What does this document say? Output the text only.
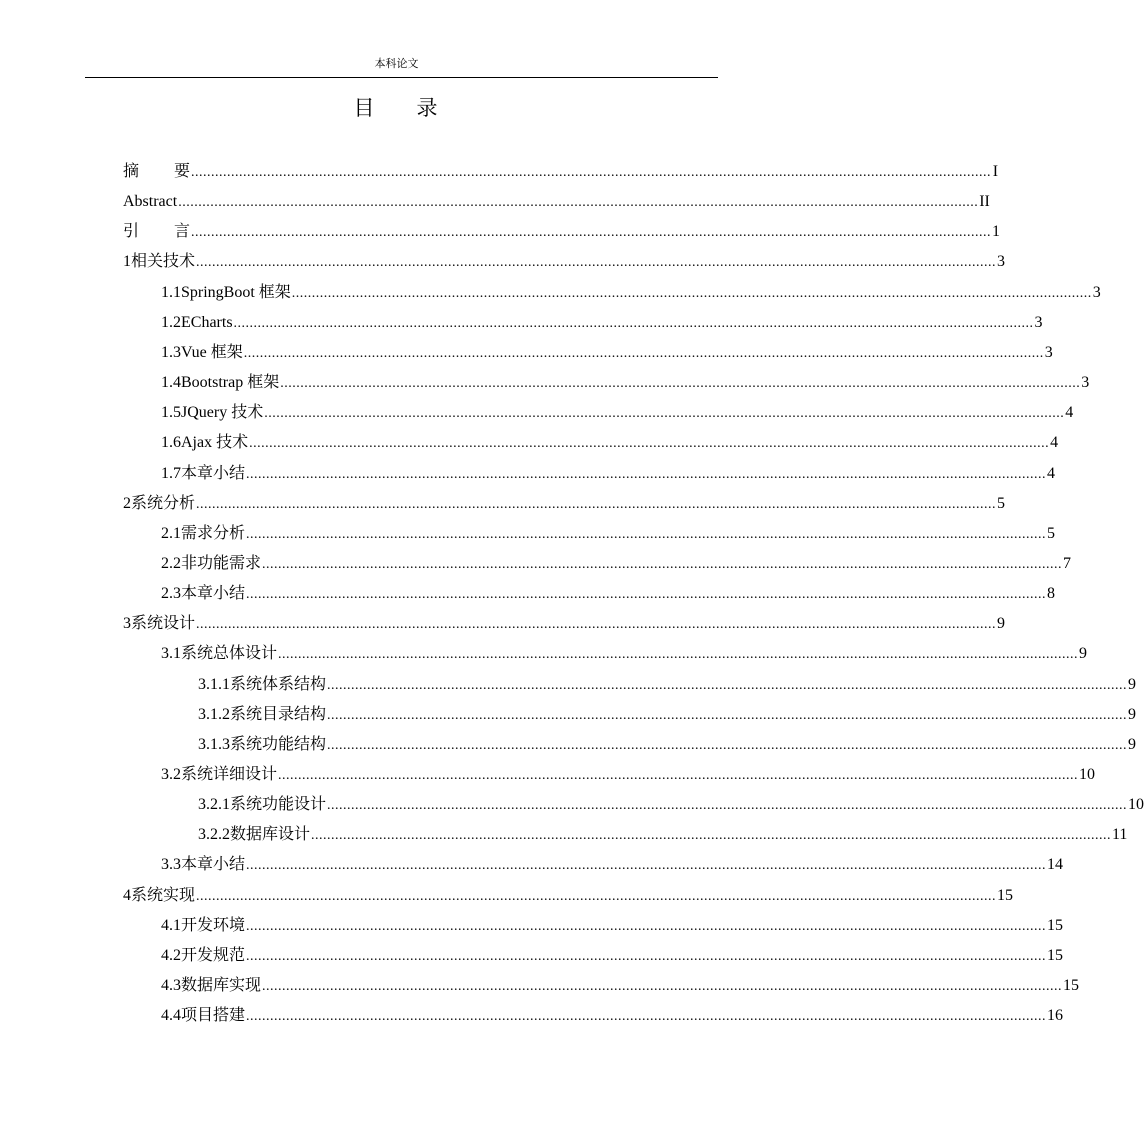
本科论文
目 录
摘 要 ........................................................................................................................................................................................................ I
Abstract ........................................................................................................................................................................................................ II
引 言 ........................................................................................................................................................................................................ 1
1 相关技术 ........................................................................................................................................................................................................ 3
1.1 SpringBoot 框架 ........................................................................................................................................................................................................ 3
1.2 ECharts ........................................................................................................................................................................................................ 3
1.3 Vue 框架 ........................................................................................................................................................................................................ 3
1.4 Bootstrap 框架 ........................................................................................................................................................................................................ 3
1.5 JQuery 技术 ........................................................................................................................................................................................................ 4
1.6 Ajax 技术 ........................................................................................................................................................................................................ 4
1.7 本章小结 ........................................................................................................................................................................................................ 4
2 系统分析 ........................................................................................................................................................................................................ 5
2.1 需求分析 ........................................................................................................................................................................................................ 5
2.2 非功能需求 ........................................................................................................................................................................................................ 7
2.3 本章小结 ........................................................................................................................................................................................................ 8
3 系统设计 ........................................................................................................................................................................................................ 9
3.1 系统总体设计 ........................................................................................................................................................................................................ 9
3.1.1 系统体系结构 ........................................................................................................................................................................................................ 9
3.1.2 系统目录结构 ........................................................................................................................................................................................................ 9
3.1.3 系统功能结构 ........................................................................................................................................................................................................ 9
3.2 系统详细设计 ........................................................................................................................................................................................................ 10
3.2.1 系统功能设计 ........................................................................................................................................................................................................ 10
3.2.2 数据库设计 ........................................................................................................................................................................................................ 11
3.3 本章小结 ........................................................................................................................................................................................................ 14
4 系统实现 ........................................................................................................................................................................................................ 15
4.1 开发环境 ........................................................................................................................................................................................................ 15
4.2 开发规范 ........................................................................................................................................................................................................ 15
4.3 数据库实现 ........................................................................................................................................................................................................ 15
4.4 项目搭建 ........................................................................................................................................................................................................ 16
